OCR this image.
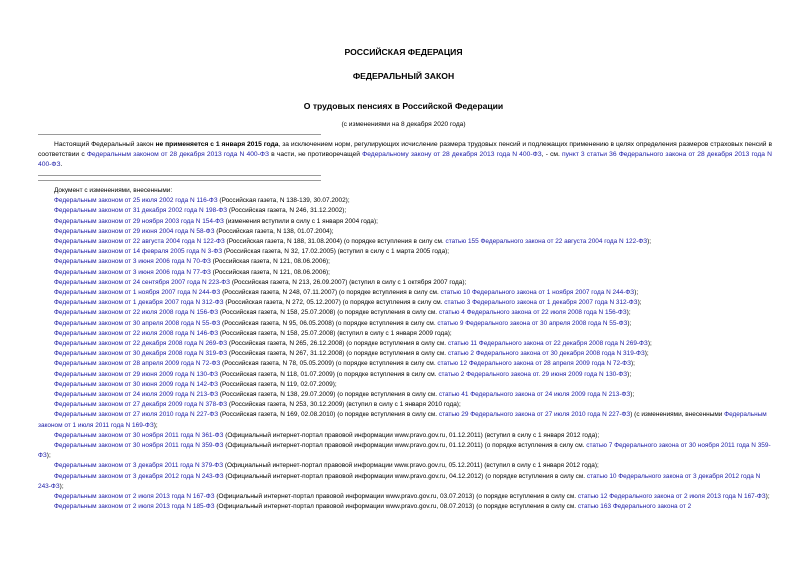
РОССИЙСКАЯ ФЕДЕРАЦИЯ
ФЕДЕРАЛЬНЫЙ ЗАКОН
О трудовых пенсиях в Российской Федерации
(с изменениями на 8 декабря 2020 года)
Настоящий Федеральный закон не применяется с 1 января 2015 года, за исключением норм, регулирующих исчисление размера трудовых пенсий и подлежащих применению в целях определения размеров страховых пенсий в соответствии с Федеральным законом от 28 декабря 2013 года N 400-ФЗ в части, не противоречащей Федеральному закону от 28 декабря 2013 года N 400-ФЗ, - см. пункт 3 статьи 36 Федерального закона от 28 декабря 2013 года N 400-ФЗ.
Документ с изменениями, внесенными:
Федеральным законом от 25 июля 2002 года N 116-ФЗ (Российская газета, N 138-139, 30.07.2002);
Федеральным законом от 31 декабря 2002 года N 198-ФЗ (Российская газета, N 246, 31.12.2002);
Федеральным законом от 29 ноября 2003 года N 154-ФЗ (изменения вступили в силу с 1 января 2004 года);
Федеральным законом от 29 июня 2004 года N 58-ФЗ (Российская газета, N 138, 01.07.2004);
Федеральным законом от 22 августа 2004 года N 122-ФЗ (Российская газета, N 188, 31.08.2004) (о порядке вступления в силу см. статью 155 Федерального закона от 22 августа 2004 года N 122-ФЗ);
Федеральным законом от 14 февраля 2005 года N 3-ФЗ (Российская газета, N 32, 17.02.2005) (вступил в силу с 1 марта 2005 года);
Федеральным законом от 3 июня 2006 года N 70-ФЗ (Российская газета, N 121, 08.06.2006);
Федеральным законом от 3 июня 2006 года N 77-ФЗ (Российская газета, N 121, 08.06.2006);
Федеральным законом от 24 сентября 2007 года N 223-ФЗ (Российская газета, N 213, 26.09.2007) (вступил в силу с 1 октября 2007 года);
Федеральным законом от 1 ноября 2007 года N 244-ФЗ (Российская газета, N 248, 07.11.2007) (о порядке вступления в силу см. статью 10 Федерального закона от 1 ноября 2007 года N 244-ФЗ);
Федеральным законом от 1 декабря 2007 года N 312-ФЗ (Российская газета, N 272, 05.12.2007) (о порядке вступления в силу см. статью 3 Федерального закона от 1 декабря 2007 года N 312-ФЗ);
Федеральным законом от 22 июля 2008 года N 156-ФЗ (Российская газета, N 158, 25.07.2008) (о порядке вступления в силу см. статью 4 Федерального закона от 22 июля 2008 года N 156-ФЗ);
Федеральным законом от 30 апреля 2008 года N 55-ФЗ (Российская газета, N 95, 06.05.2008) (о порядке вступления в силу см. статью 9 Федерального закона от 30 апреля 2008 года N 55-ФЗ);
Федеральным законом от 22 июля 2008 года N 146-ФЗ (Российская газета, N 158, 25.07.2008) (вступил в силу с 1 января 2009 года);
Федеральным законом от 22 декабря 2008 года N 269-ФЗ (Российская газета, N 265, 26.12.2008) (о порядке вступления в силу см. статью 11 Федерального закона от 22 декабря 2008 года N 269-ФЗ);
Федеральным законом от 30 декабря 2008 года N 319-ФЗ (Российская газета, N 267, 31.12.2008) (о порядке вступления в силу см. статью 2 Федерального закона от 30 декабря 2008 года N 319-ФЗ);
Федеральным законом от 28 апреля 2009 года N 72-ФЗ (Российская газета, N 78, 05.05.2009) (о порядке вступления в силу см. статью 12 Федерального закона от 28 апреля 2009 года N 72-ФЗ);
Федеральным законом от 29 июня 2009 года N 130-ФЗ (Российская газета, N 118, 01.07.2009) (о порядке вступления в силу см. статью 2 Федерального закона от. 29 июня 2009 года N 130-ФЗ);
Федеральным законом от 30 июня 2009 года N 142-ФЗ (Российская газета, N 119, 02.07.2009);
Федеральным законом от 24 июля 2009 года N 213-ФЗ (Российская газета, N 138, 29.07.2009) (о порядке вступления в силу см. статью 41 Федерального закона от 24 июля 2009 года N 213-ФЗ);
Федеральным законом от 27 декабря 2009 года N 378-ФЗ (Российская газета, N 253, 30.12.2009) (вступил в силу с 1 января 2010 года);
Федеральным законом от 27 июля 2010 года N 227-ФЗ (Российская газета, N 169, 02.08.2010) (о порядке вступления в силу см. статью 29 Федерального закона от 27 июля 2010 года N 227-ФЗ) (с изменениями, внесенными Федеральным законом от 1 июля 2011 года N 169-ФЗ);
Федеральным законом от 30 ноября 2011 года N 361-ФЗ (Официальный интернет-портал правовой информации www.pravo.gov.ru, 01.12.2011) (вступил в силу с 1 января 2012 года);
Федеральным законом от 30 ноября 2011 года N 359-ФЗ (Официальный интернет-портал правовой информации www.pravo.gov.ru, 01.12.2011) (о порядке вступления в силу см. статью 7 Федерального закона от 30 ноября 2011 года N 359-ФЗ);
Федеральным законом от 3 декабря 2011 года N 379-ФЗ (Официальный интернет-портал правовой информации www.pravo.gov.ru, 05.12.2011) (вступил в силу с 1 января 2012 года);
Федеральным законом от 3 декабря 2012 года N 243-ФЗ (Официальный интернет-портал правовой информации www.pravo.gov.ru, 04.12.2012) (о порядке вступления в силу см. статью 10 Федерального закона от 3 декабря 2012 года N 243-ФЗ);
Федеральным законом от 2 июля 2013 года N 167-ФЗ (Официальный интернет-портал правовой информации www.pravo.gov.ru, 03.07.2013) (о порядке вступления в силу см. статью 12 Федерального закона от 2 июля 2013 года N 167-ФЗ);
Федеральным законом от 2 июля 2013 года N 185-ФЗ (Официальный интернет-портал правовой информации www.pravo.gov.ru, 08.07.2013) (о порядке вступления в силу см. статью 163 Федерального закона от 2
